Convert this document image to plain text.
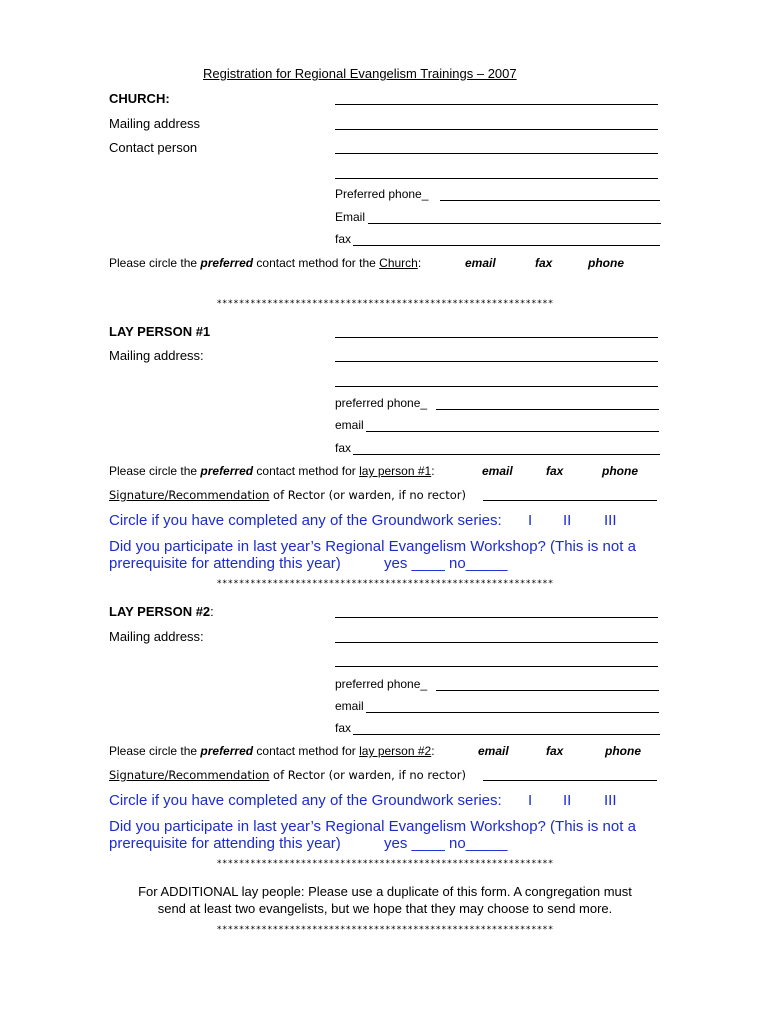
Registration for Regional Evangelism Trainings – 2007
CHURCH:
Mailing address
Contact person
Preferred phone_
Email
fax
Please circle the preferred contact method for the Church:	email	fax	phone
************************************************************
LAY PERSON #1
Mailing address:
preferred phone_
email
fax
Please circle the preferred contact method for lay person #1:	email	fax	phone
Signature/Recommendation of Rector (or warden, if no rector)
Circle if you have completed any of the Groundwork series: I II III
Did you participate in last year’s Regional Evangelism Workshop? (This is not a
prerequisite for attending this year)	yes ____ no_____
************************************************************
LAY PERSON #2:
Mailing address:
preferred phone_
email
fax
Please circle the preferred contact method for lay person #2:	email	fax	phone
Signature/Recommendation of Rector (or warden, if no rector)
Circle if you have completed any of the Groundwork series: I II III
Did you participate in last year’s Regional Evangelism Workshop? (This is not a
prerequisite for attending this year)	yes ____ no_____
************************************************************
For ADDITIONAL lay people: Please use a duplicate of this form. A congregation must
send at least two evangelists, but we hope that they may choose to send more.
************************************************************
